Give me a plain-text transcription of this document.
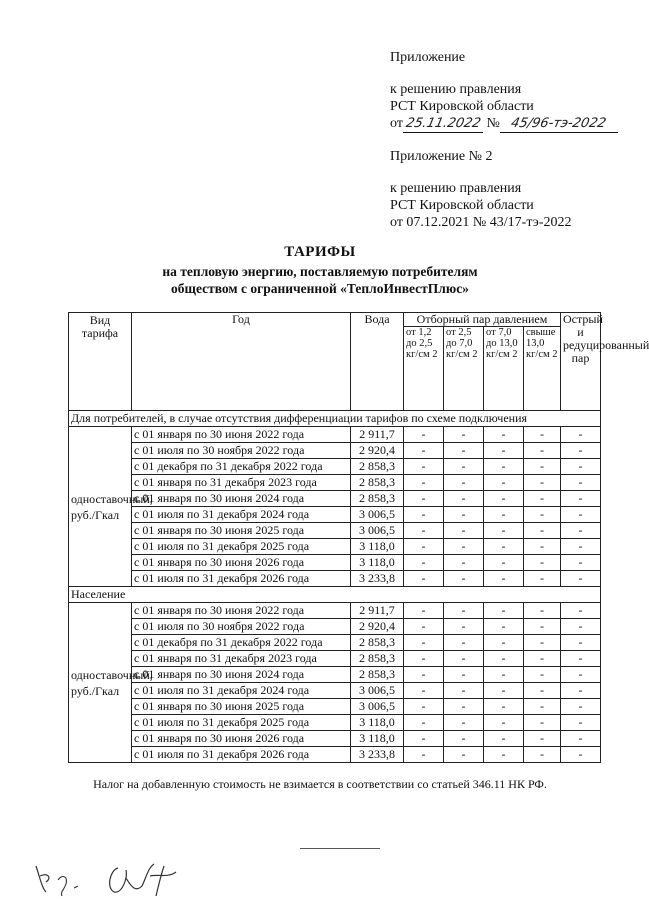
Приложение
к решению правления
РСТ Кировской области
от25.11.2022 № 45/96-тэ-2022
Приложение № 2
к решению правления
РСТ Кировской области
от 07.12.2021 № 43/17-тэ-2022
ТАРИФЫ
на тепловую энергию, поставляемую потребителям
обществом с ограниченной «ТеплоИнвестПлюс»
Вид тарифа	Год	Вода	Отборный пар давлением				Острый и редуцированный пар
			от 1,2 до 2,5 кг/см 2	от 2,5 до 7,0 кг/см 2	от 7,0 до 13,0 кг/см 2	свыше 13,0 кг/см 2	
Для потребителей, в случае отсутствия дифференциации тарифов по схеме подключения							
одноставочный, руб./Гкал	с 01 января по 30 июня 2022 года	2 911,7	-	-	-	-	-
	с 01 июля по 30 ноября 2022 года	2 920,4	-	-	-	-	-
	с 01 декабря по 31 декабря 2022 года	2 858,3	-	-	-	-	-
	с 01 января по 31 декабря 2023 года	2 858,3	-	-	-	-	-
	с 01 января по 30 июня 2024 года	2 858,3	-	-	-	-	-
	с 01 июля по 31 декабря 2024 года	3 006,5	-	-	-	-	-
	с 01 января по 30 июня 2025 года	3 006,5	-	-	-	-	-
	с 01 июля по 31 декабря 2025 года	3 118,0	-	-	-	-	-
	с 01 января по 30 июня 2026 года	3 118,0	-	-	-	-	-
	с 01 июля по 31 декабря 2026 года	3 233,8	-	-	-	-	-
Население							
одноставочный, руб./Гкал	с 01 января по 30 июня 2022 года	2 911,7	-	-	-	-	-
	с 01 июля по 30 ноября 2022 года	2 920,4	-	-	-	-	-
	с 01 декабря по 31 декабря 2022 года	2 858,3	-	-	-	-	-
	с 01 января по 31 декабря 2023 года	2 858,3	-	-	-	-	-
	с 01 января по 30 июня 2024 года	2 858,3	-	-	-	-	-
	с 01 июля по 31 декабря 2024 года	3 006,5	-	-	-	-	-
	с 01 января по 30 июня 2025 года	3 006,5	-	-	-	-	-
	с 01 июля по 31 декабря 2025 года	3 118,0	-	-	-	-	-
	с 01 января по 30 июня 2026 года	3 118,0	-	-	-	-	-
	с 01 июля по 31 декабря 2026 года	3 233,8	-	-	-	-	-
Налог на добавленную стоимость не взимается в соответствии со статьей 346.11 НК РФ.
